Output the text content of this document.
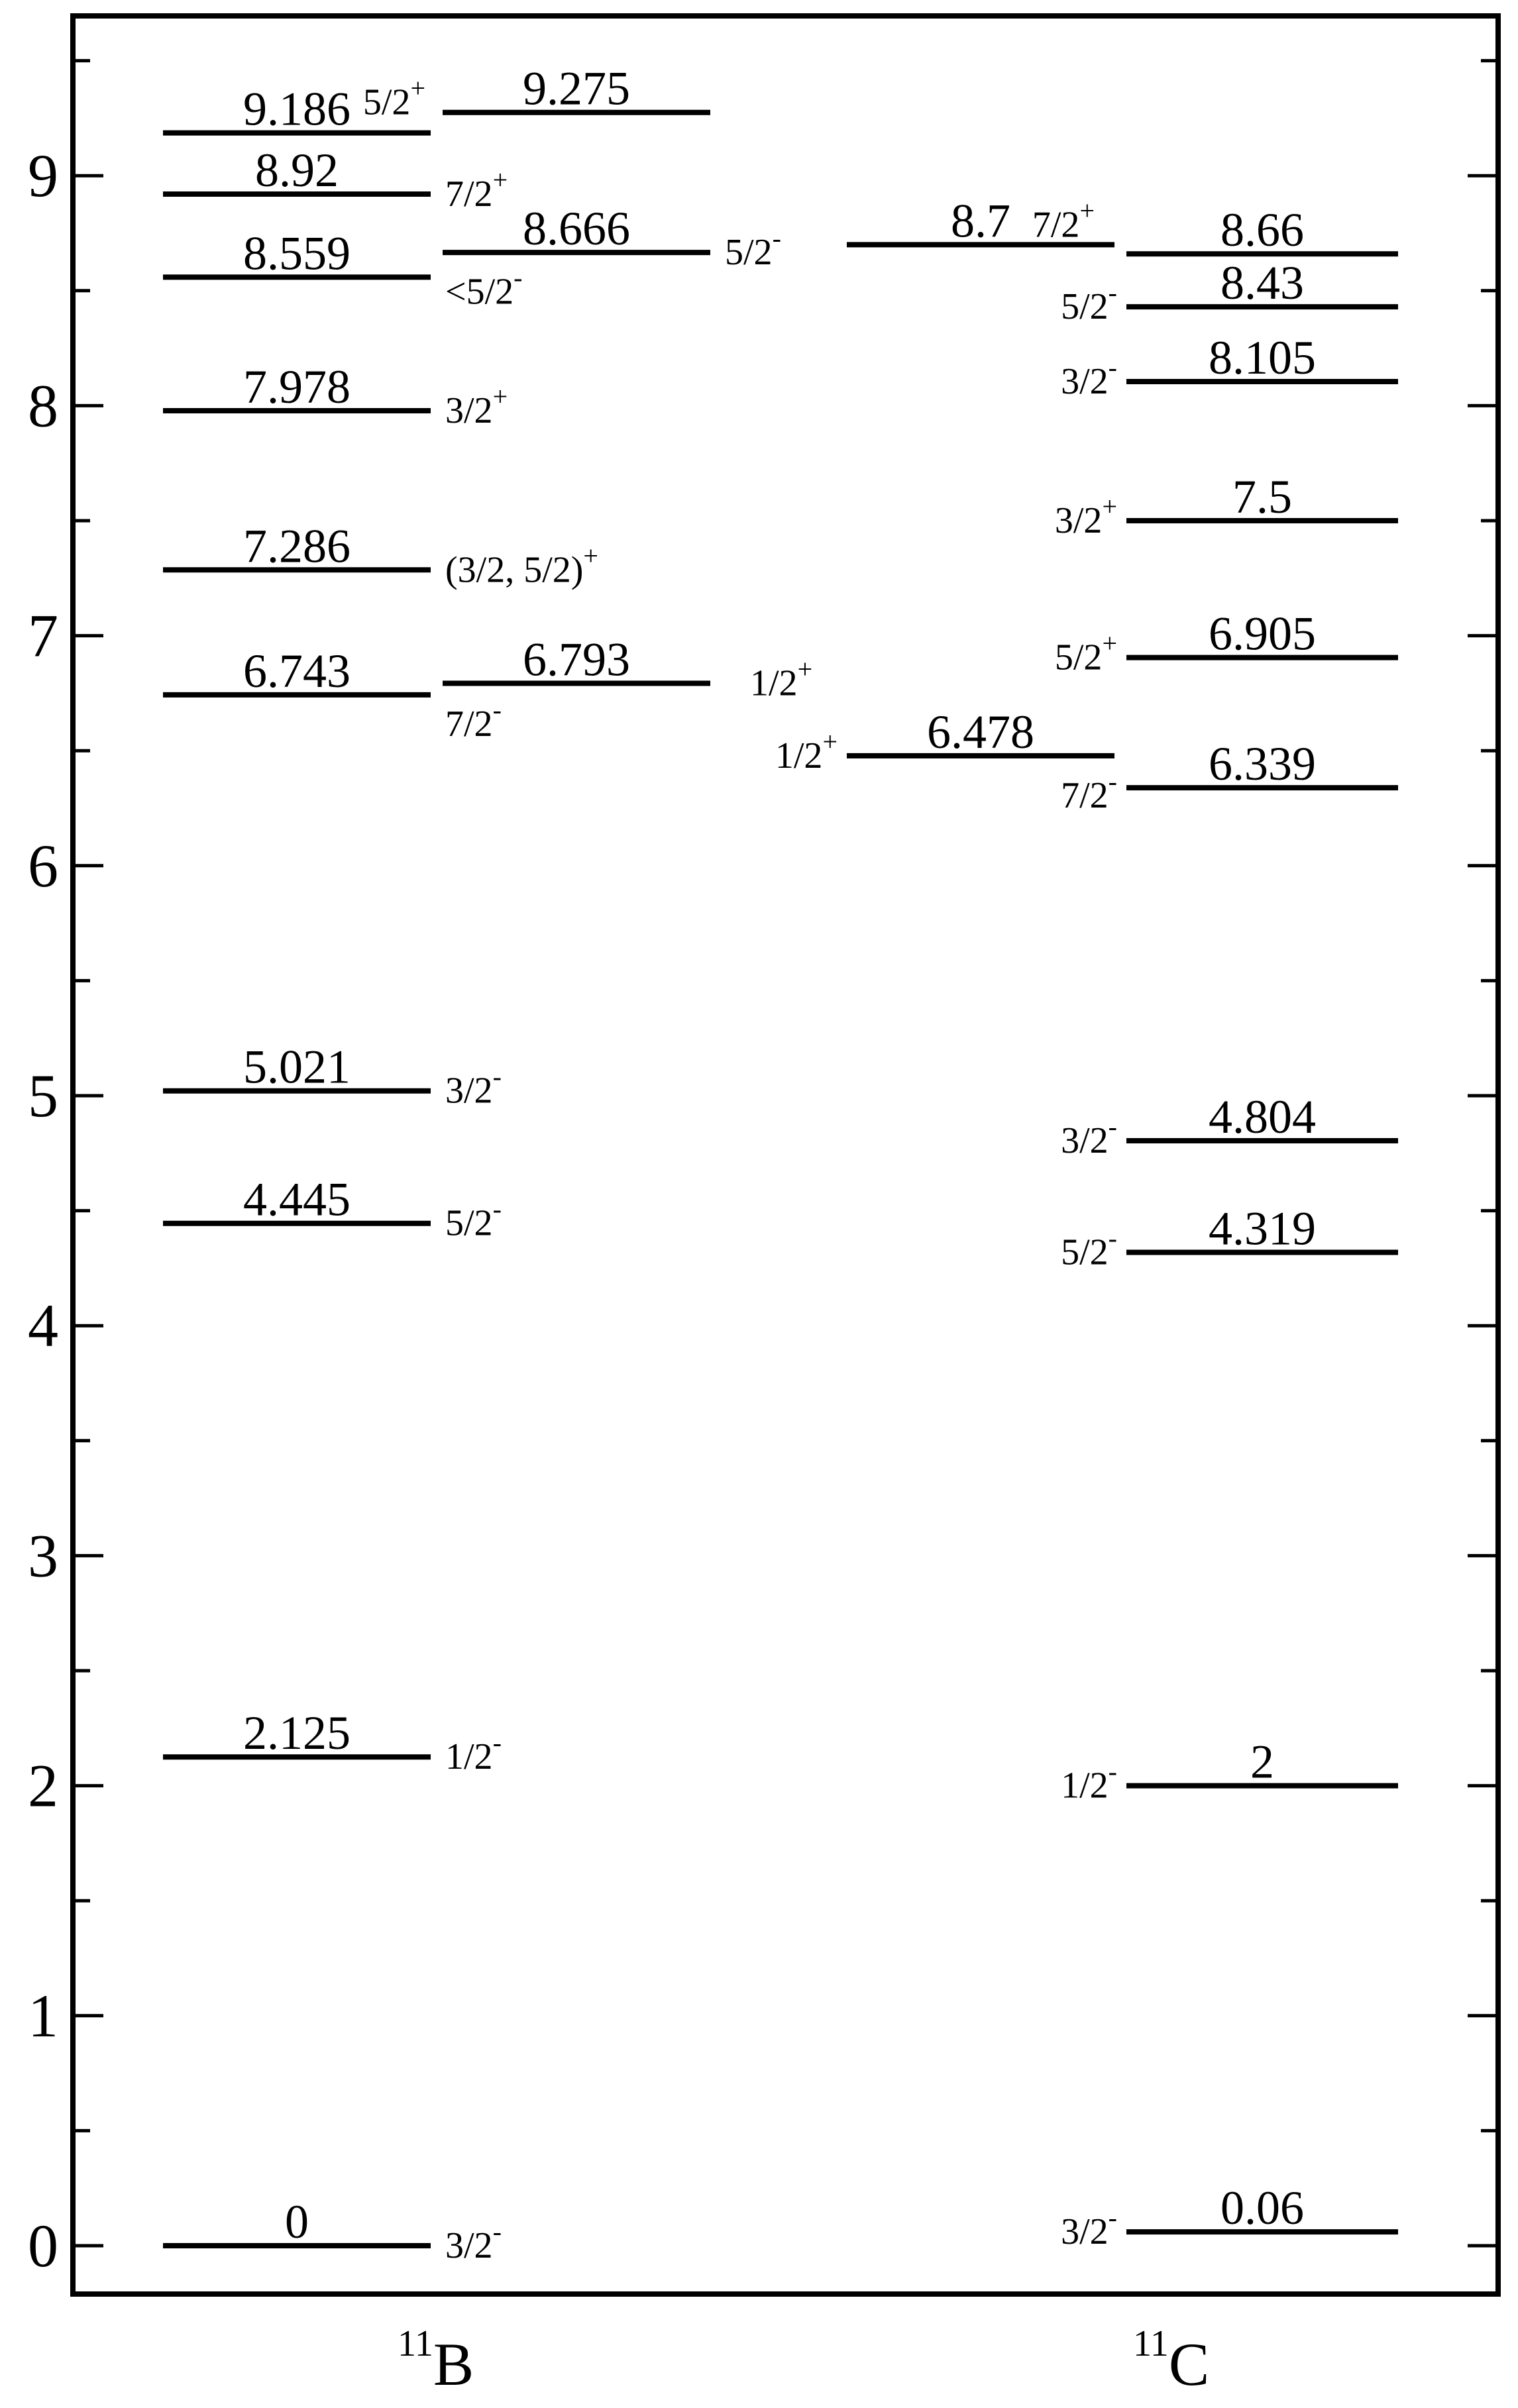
0
1
2
3
4
5
6
7
8
9
9.186 5/2+
8.92	7/2+
8.559
<5/2-
7.978	3/2+
7.286	(3/2, 5/2)+
6.743
7/2-
5.021	3/2-
4.445	5/2-
2.125	1/2-
0	3/2-
9.275
8.666	5/2-
6.793	1/2+
8.7 7/2+
6.478
1/2+
8.66
8.43
5/2-
8.105
3/2-
7.5
3/2+
6.905
5/2+
6.339
7/2-
4.804
3/2-
4.319
5/2-
2
1/2-
0.06
3/2-
$^{11}$B	$^{11}$C
